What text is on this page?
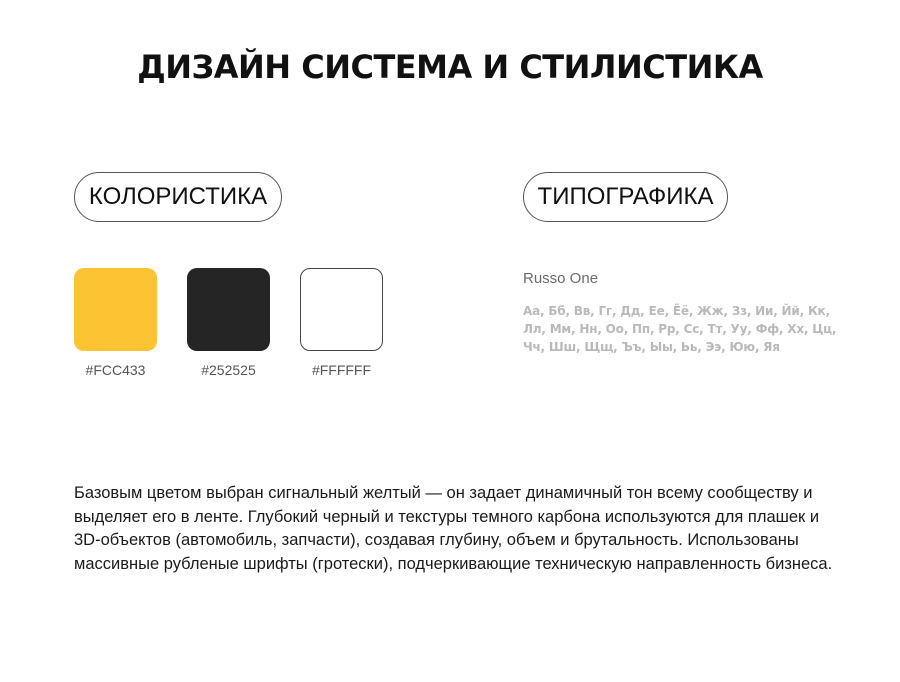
ДИЗАЙН СИСТЕМА И СТИЛИСТИКА
КОЛОРИСТИКА	ТИПОГРАФИКА
#FCC433	#252525	#FFFFFF
Russo One
Аа, Бб, Вв, Гг, Дд, Ее, Ёё, Жж, Зз, Ии, Йй, Кк, Лл, Мм, Нн, Оо, Пп, Рр, Сс, Тт, Уу, Фф, Хх, Цц, Чч, Шш, Щщ, Ъъ, Ыы, Ьь, Ээ, Юю, Яя

Базовым цветом выбран сигнальный желтый — он задает динамичный тон всему сообществу и выделяет его в ленте. Глубокий черный и текстуры темного карбона используются для плашек и 3D-объектов (автомобиль, запчасти), создавая глубину, объем и брутальность. Использованы массивные рубленые шрифты (гротески), подчеркивающие техническую направленность бизнеса.
